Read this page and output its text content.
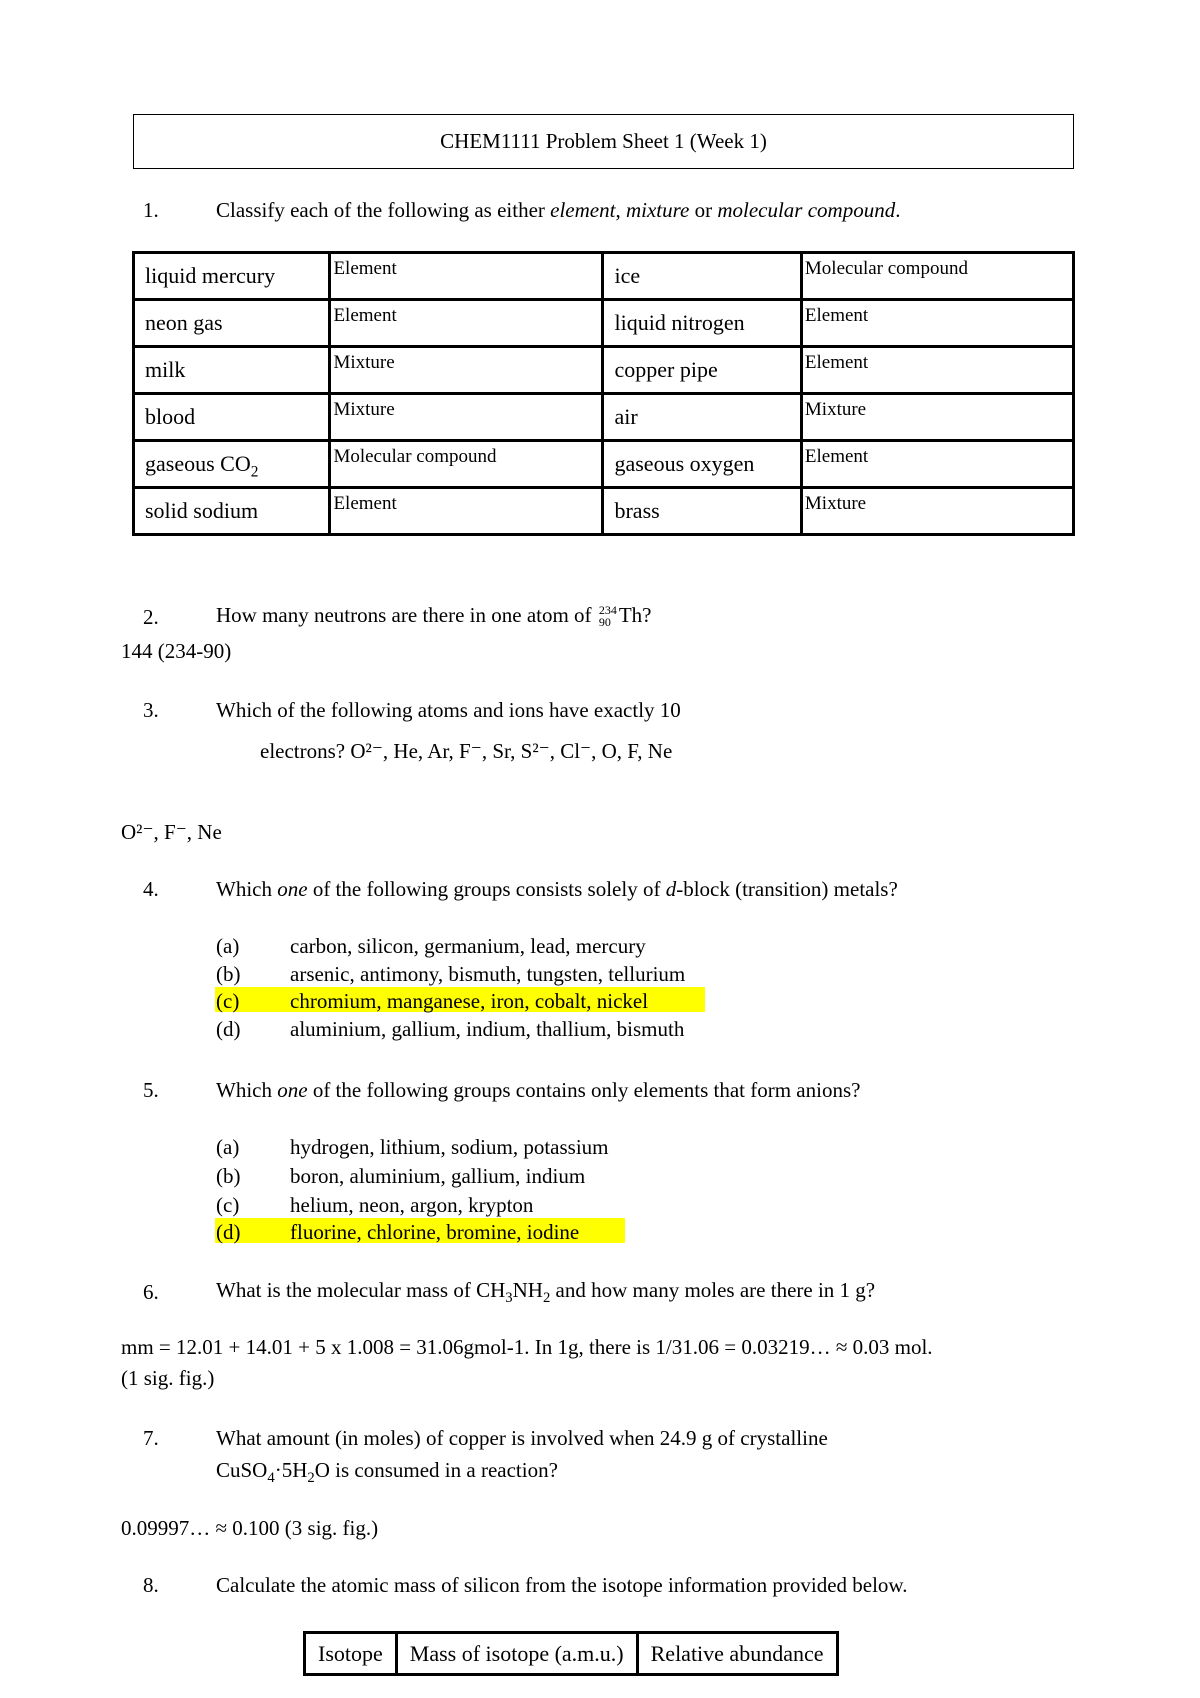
CHEM1111 Problem Sheet 1 (Week 1)
1.	Classify each of the following as either element, mixture or molecular compound.
liquid mercury	Element	ice	Molecular compound
neon gas	Element	liquid nitrogen	Element
milk	Mixture	copper pipe	Element
blood	Mixture	air	Mixture
gaseous $CO_2$	Molecular compound	gaseous oxygen	Element
solid sodium	Element	brass	Mixture
2.	How many neutrons are there in one atom of 234
90 Th?
144 (234-90)
3.	Which of the following atoms and ions have exactly 10
electrons? O²⁻, He, Ar, F⁻, Sr, S²⁻, Cl⁻, O, F, Ne
O²⁻, F⁻, Ne
4.	Which one of the following groups consists solely of d-block (transition) metals?
(a) carbon, silicon, germanium, lead, mercury
(b) arsenic, antimony, bismuth, tungsten, tellurium
(c) chromium, manganese, iron, cobalt, nickel
(d) aluminium, gallium, indium, thallium, bismuth
5.	Which one of the following groups contains only elements that form anions?
(a) hydrogen, lithium, sodium, potassium
(b) boron, aluminium, gallium, indium
(c) helium, neon, argon, krypton
(d) fluorine, chlorine, bromine, iodine
6.	What is the molecular mass of $CH_3NH_2$ and how many moles are there in 1 g?
mm = 12.01 + 14.01 + 5 x 1.008 = 31.06gmol-1. In 1g, there is 1/31.06 = 0.03219… ≈ 0.03 mol.
(1 sig. fig.)
7.	What amount (in moles) of copper is involved when 24.9 g of crystalline
$CuSO_4\cdot 5H_2O$ is consumed in a reaction?
0.09997… ≈ 0.100 (3 sig. fig.)
8.	Calculate the atomic mass of silicon from the isotope information provided below.
Isotope	Mass of isotope (a.m.u.)	Relative abundance
